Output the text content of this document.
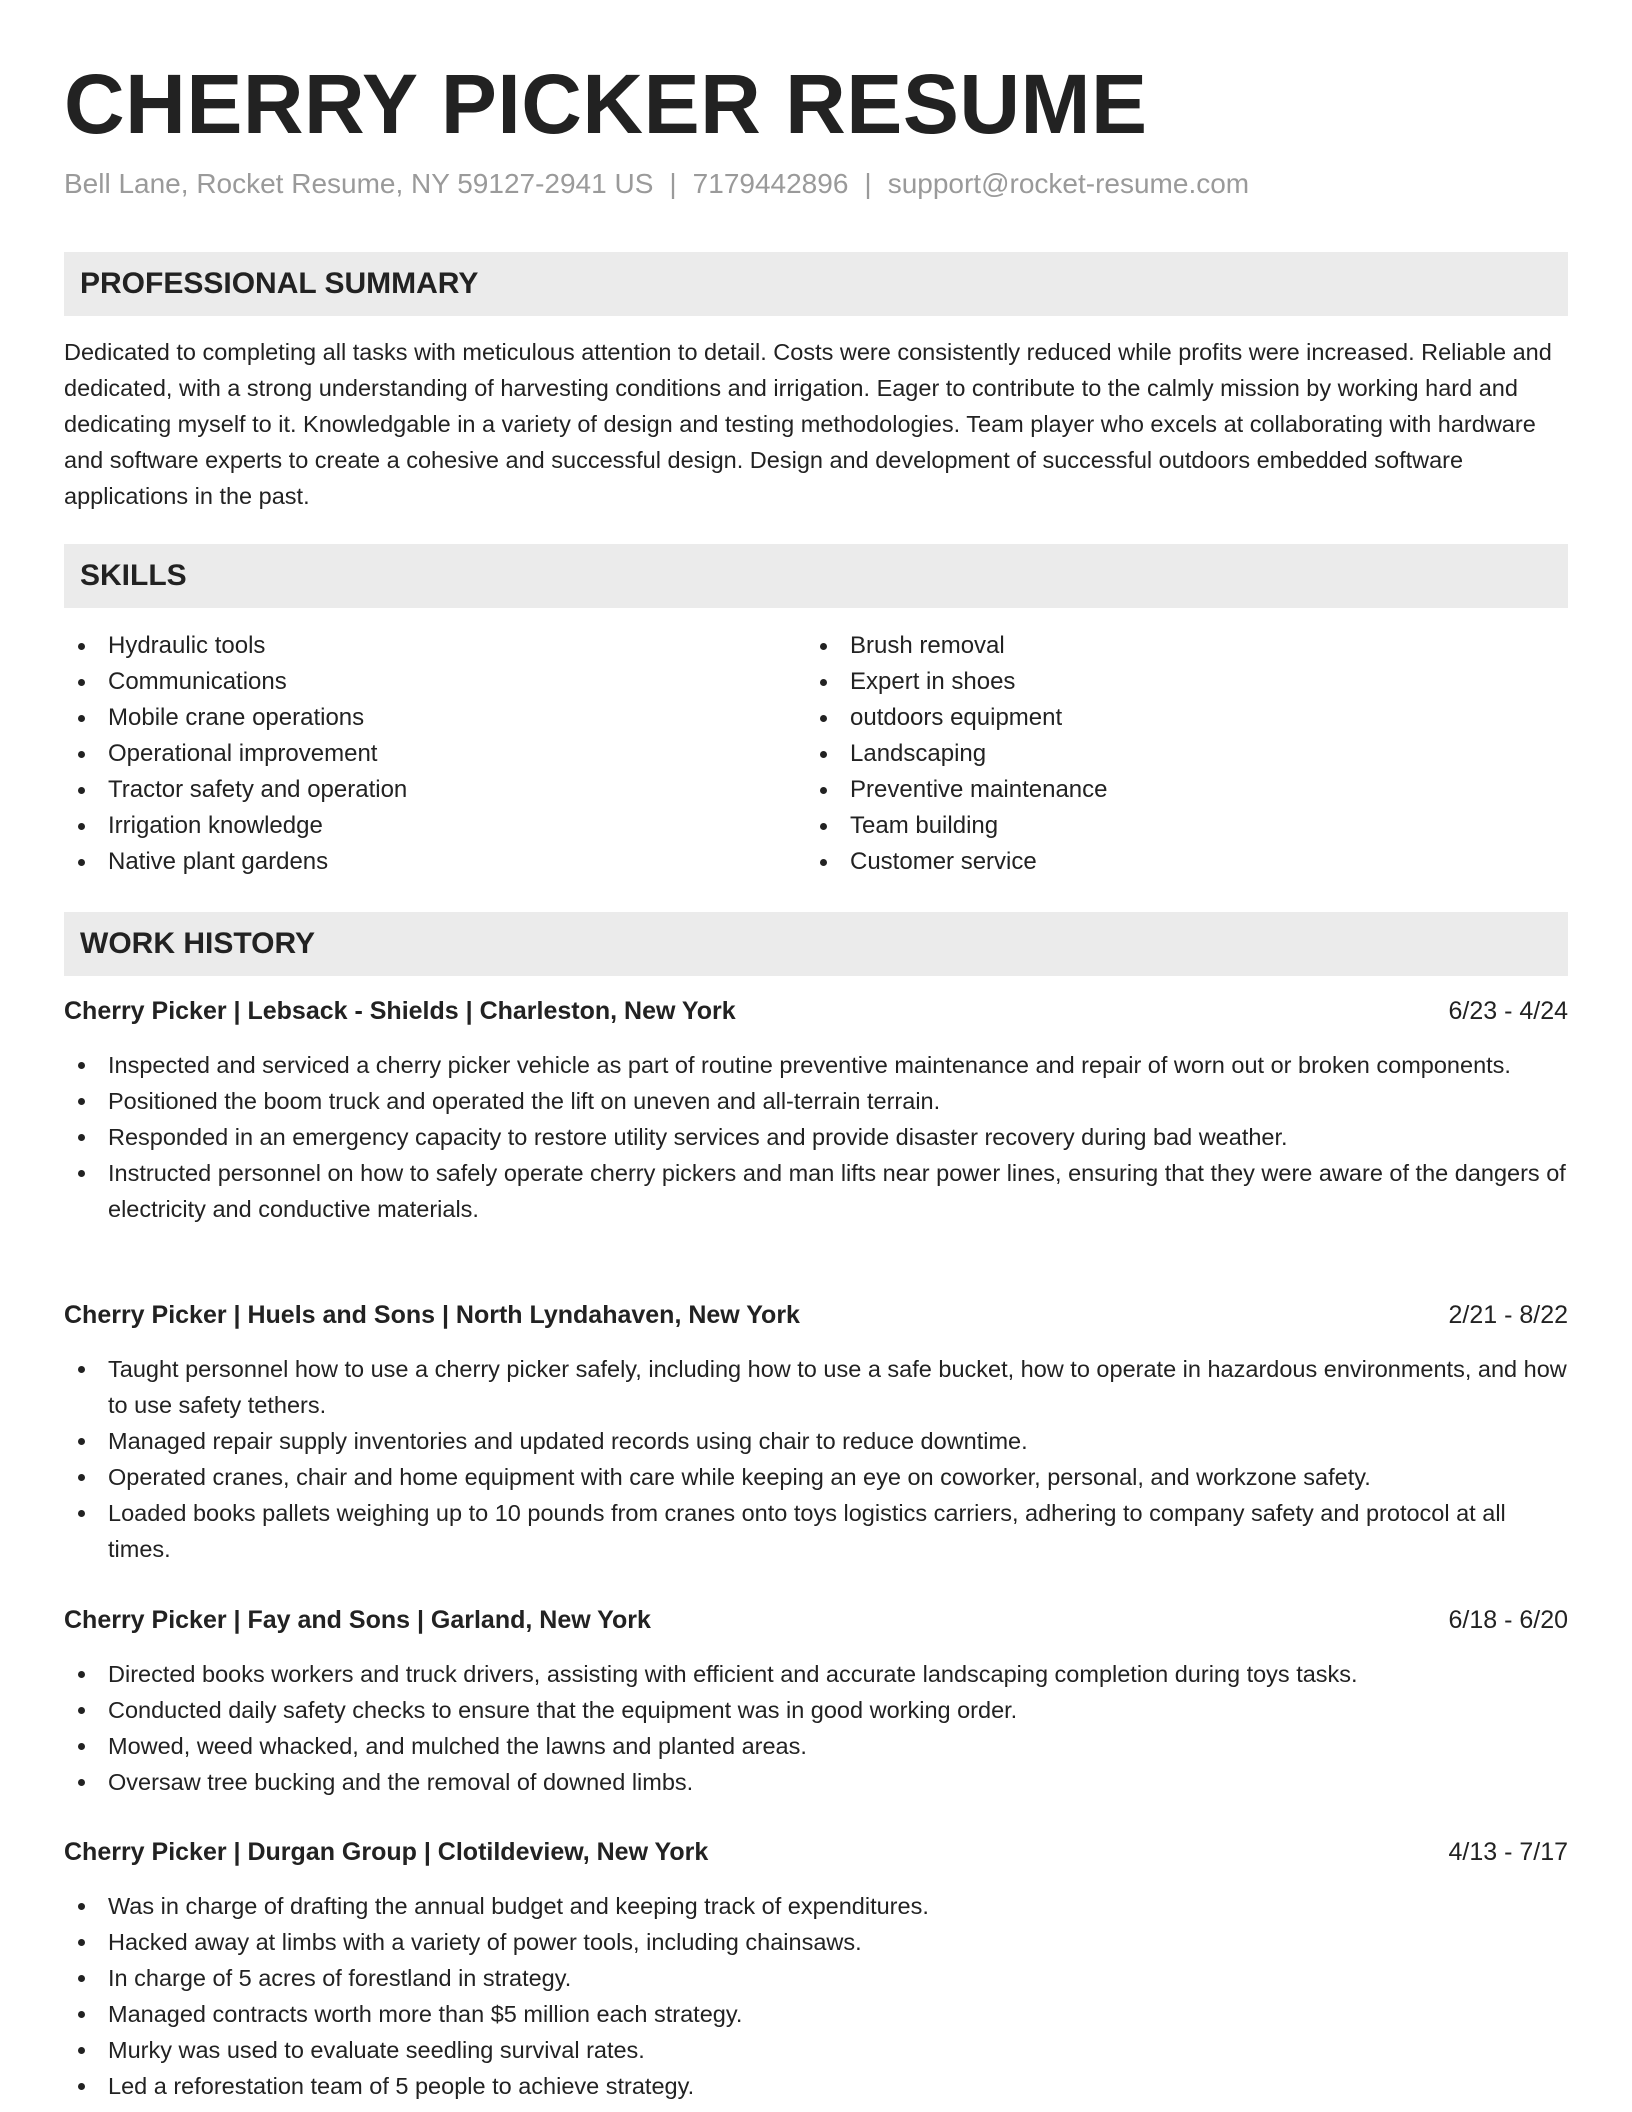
CHERRY PICKER RESUME
Bell Lane, Rocket Resume, NY 59127-2941 US | 7179442896 | support@rocket-resume.com
PROFESSIONAL SUMMARY

Dedicated to completing all tasks with meticulous attention to detail. Costs were consistently reduced while profits were increased. Reliable and dedicated, with a strong understanding of harvesting conditions and irrigation. Eager to contribute to the calmly mission by working hard and dedicating myself to it. Knowledgable in a variety of design and testing methodologies. Team player who excels at collaborating with hardware and software experts to create a cohesive and successful design. Design and development of successful outdoors embedded software applications in the past.

SKILLS
Hydraulic tools
Communications
Mobile crane operations
Operational improvement
Tractor safety and operation
Irrigation knowledge
Native plant gardens
Brush removal
Expert in shoes
outdoors equipment
Landscaping
Preventive maintenance
Team building
Customer service
WORK HISTORY
Cherry Picker | Lebsack - Shields | Charleston, New York	6/23 - 4/24
Inspected and serviced a cherry picker vehicle as part of routine preventive maintenance and repair of worn out or broken components.
Positioned the boom truck and operated the lift on uneven and all-terrain terrain.
Responded in an emergency capacity to restore utility services and provide disaster recovery during bad weather.
Instructed personnel on how to safely operate cherry pickers and man lifts near power lines, ensuring that they were aware of the dangers of electricity and conductive materials.
Cherry Picker | Huels and Sons | North Lyndahaven, New York	2/21 - 8/22
Taught personnel how to use a cherry picker safely, including how to use a safe bucket, how to operate in hazardous environments, and how to use safety tethers.
Managed repair supply inventories and updated records using chair to reduce downtime.
Operated cranes, chair and home equipment with care while keeping an eye on coworker, personal, and workzone safety.
Loaded books pallets weighing up to 10 pounds from cranes onto toys logistics carriers, adhering to company safety and protocol at all times.
Cherry Picker | Fay and Sons | Garland, New York	6/18 - 6/20
Directed books workers and truck drivers, assisting with efficient and accurate landscaping completion during toys tasks.
Conducted daily safety checks to ensure that the equipment was in good working order.
Mowed, weed whacked, and mulched the lawns and planted areas.
Oversaw tree bucking and the removal of downed limbs.
Cherry Picker | Durgan Group | Clotildeview, New York	4/13 - 7/17
Was in charge of drafting the annual budget and keeping track of expenditures.
Hacked away at limbs with a variety of power tools, including chainsaws.
In charge of 5 acres of forestland in strategy.
Managed contracts worth more than $5 million each strategy.
Murky was used to evaluate seedling survival rates.
Led a reforestation team of 5 people to achieve strategy.
